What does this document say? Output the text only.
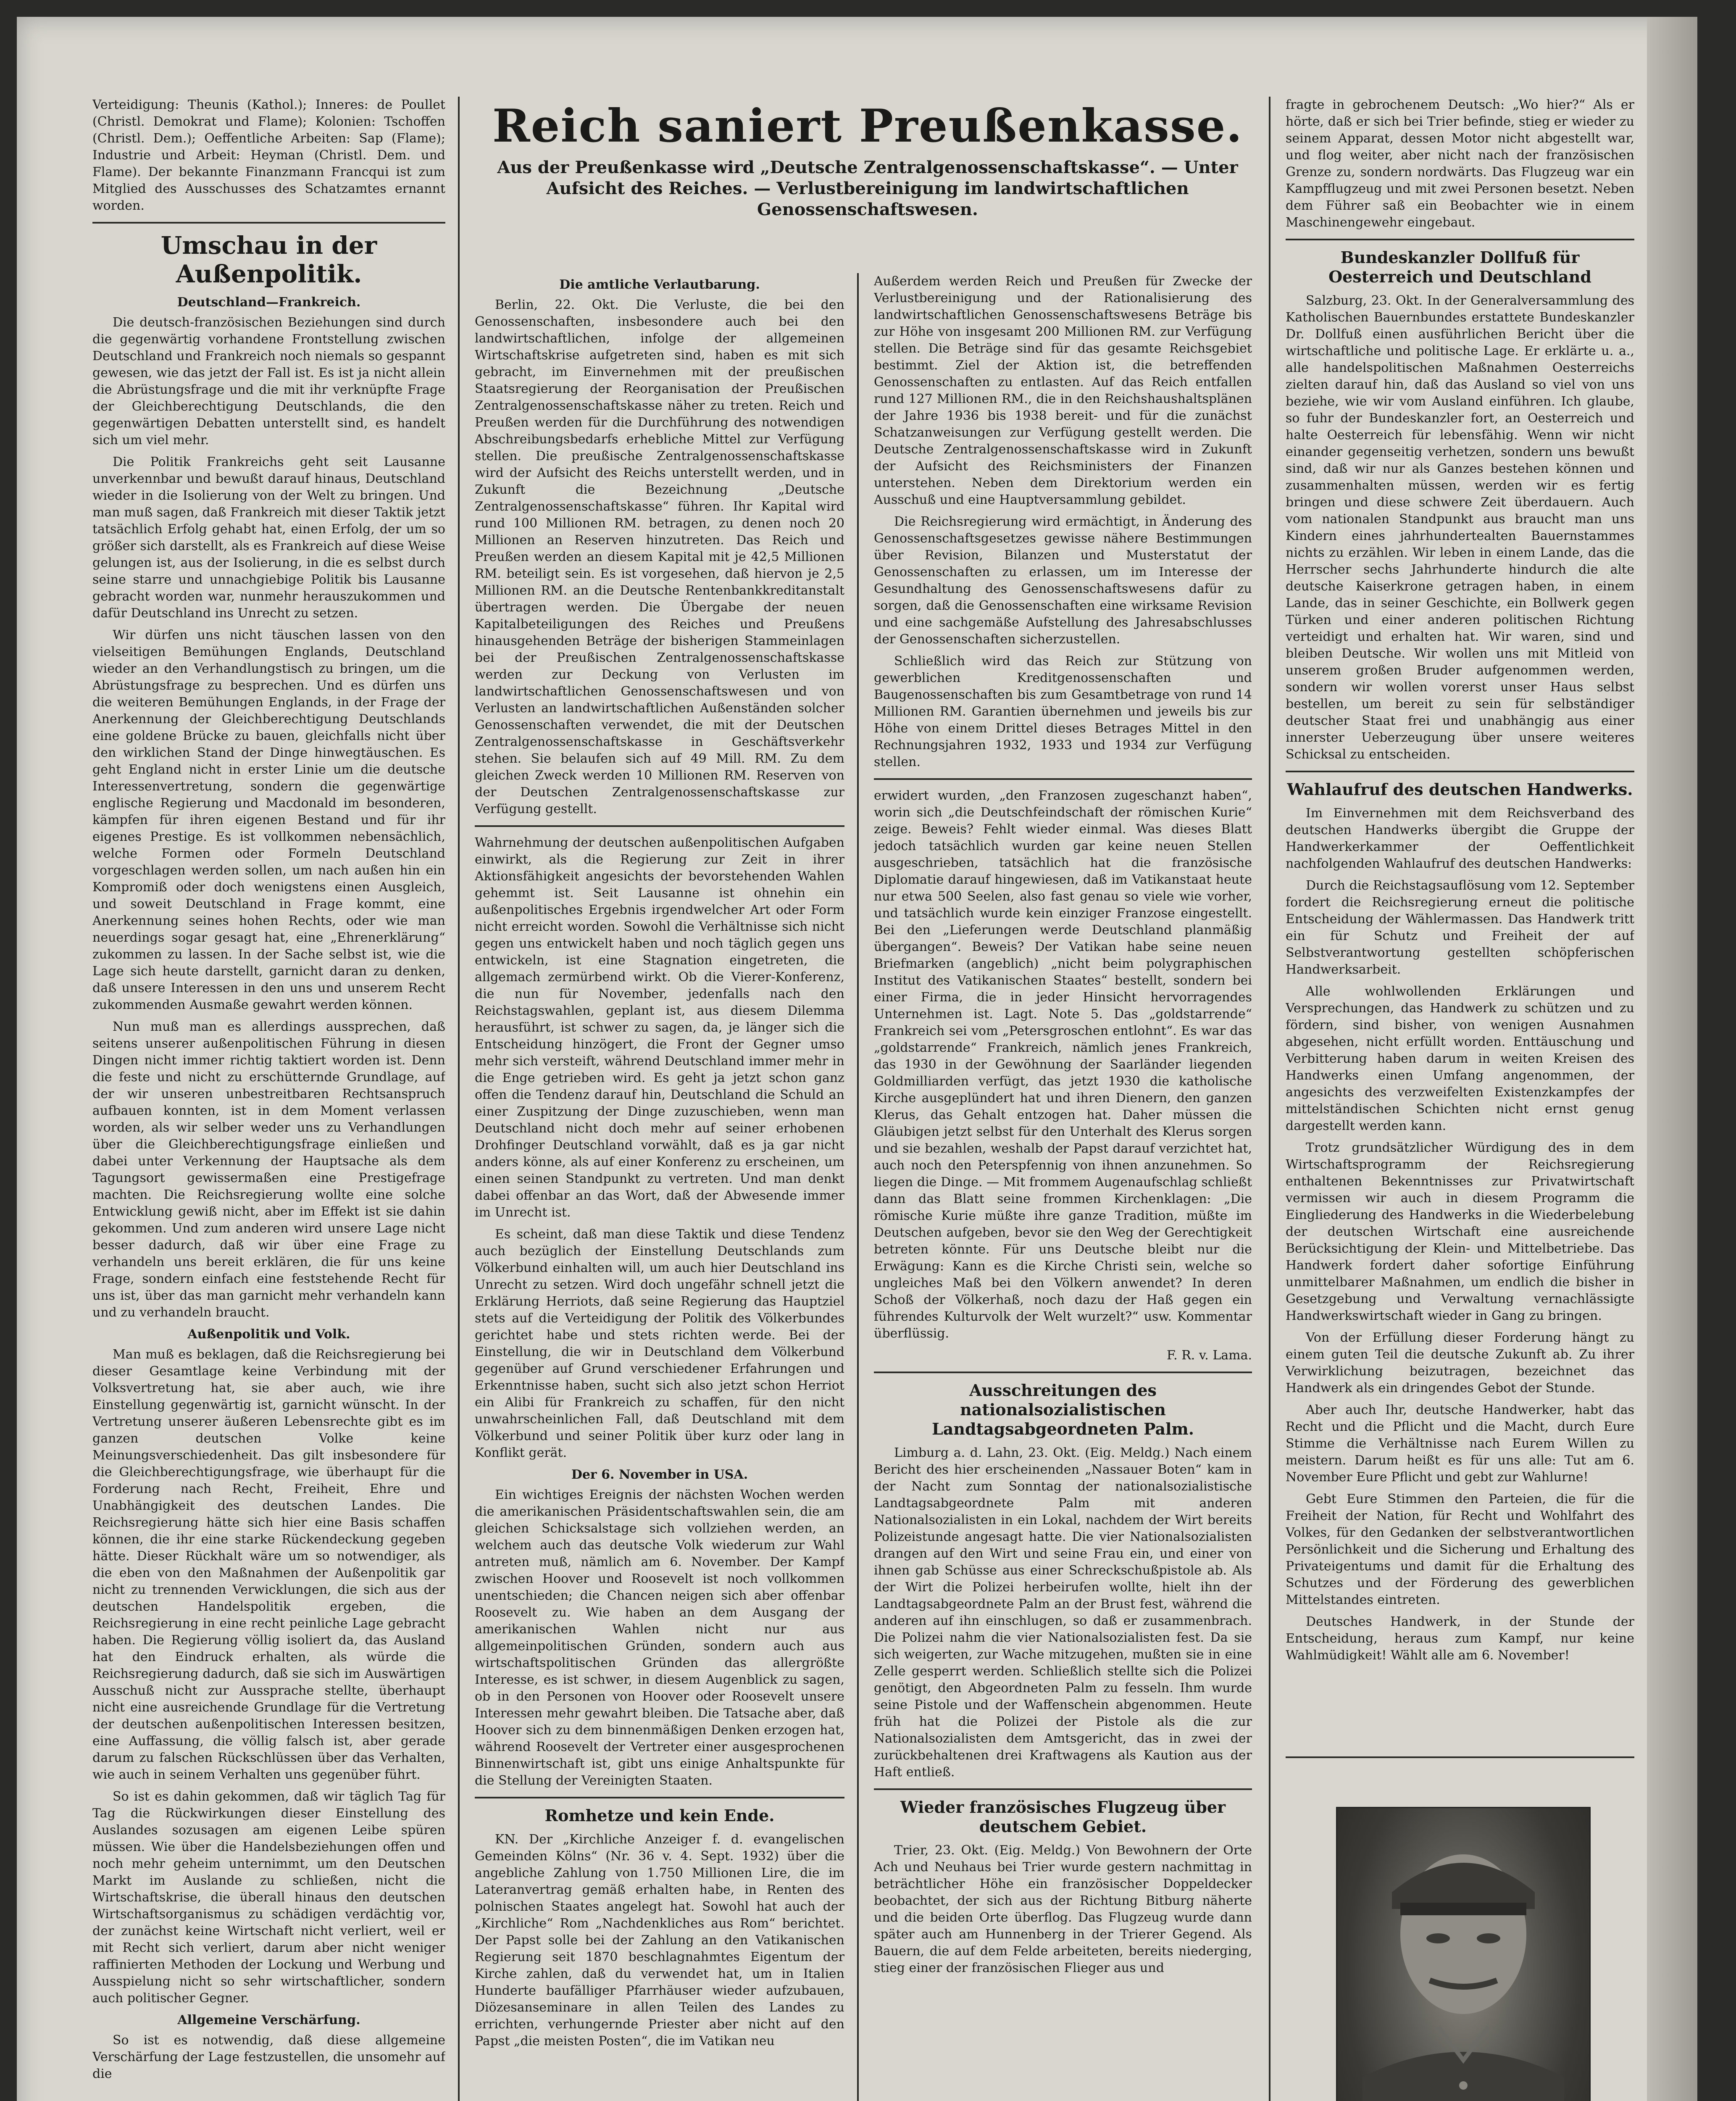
Verteidigung: Theunis (Kathol.); Inneres: de Poullet (Christl. Demokrat und Flame); Kolonien: Tschoffen (Christl. Dem.); Oeffentliche Arbeiten: Sap (Flame); Industrie und Arbeit: Heyman (Christl. Dem. und Flame). Der bekannte Finanzmann Francqui ist zum Mitglied des Ausschusses des Schatzamtes ernannt worden.

Umschau in der Außenpolitik.
Deutschland—Frankreich.

Die deutsch-französischen Beziehungen sind durch die gegenwärtig vorhandene Frontstellung zwischen Deutschland und Frankreich noch niemals so gespannt gewesen, wie das jetzt der Fall ist. Es ist ja nicht allein die Abrüstungsfrage und die mit ihr verknüpfte Frage der Gleichberechtigung Deutschlands, die den gegenwärtigen Debatten unterstellt sind, es handelt sich um viel mehr.

Die Politik Frankreichs geht seit Lausanne unverkennbar und bewußt darauf hinaus, Deutschland wieder in die Isolierung von der Welt zu bringen. Und man muß sagen, daß Frankreich mit dieser Taktik jetzt tatsächlich Erfolg gehabt hat, einen Erfolg, der um so größer sich darstellt, als es Frankreich auf diese Weise gelungen ist, aus der Isolierung, in die es selbst durch seine starre und unnachgiebige Politik bis Lausanne gebracht worden war, nunmehr herauszukommen und dafür Deutschland ins Unrecht zu setzen.

Wir dürfen uns nicht täuschen lassen von den vielseitigen Bemühungen Englands, Deutschland wieder an den Verhandlungstisch zu bringen, um die Abrüstungsfrage zu besprechen. Und es dürfen uns die weiteren Bemühungen Englands, in der Frage der Anerkennung der Gleichberechtigung Deutschlands eine goldene Brücke zu bauen, gleichfalls nicht über den wirklichen Stand der Dinge hinwegtäuschen. Es geht England nicht in erster Linie um die deutsche Interessenvertretung, sondern die gegenwärtige englische Regierung und Macdonald im besonderen, kämpfen für ihren eigenen Bestand und für ihr eigenes Prestige. Es ist vollkommen nebensächlich, welche Formen oder Formeln Deutschland vorgeschlagen werden sollen, um nach außen hin ein Kompromiß oder doch wenigstens einen Ausgleich, und soweit Deutschland in Frage kommt, eine Anerkennung seines hohen Rechts, oder wie man neuerdings sogar gesagt hat, eine „Ehrenerklärung“ zukommen zu lassen. In der Sache selbst ist, wie die Lage sich heute darstellt, garnicht daran zu denken, daß unsere Interessen in den uns und unserem Recht zukommenden Ausmaße gewahrt werden können.

Nun muß man es allerdings aussprechen, daß seitens unserer außenpolitischen Führung in diesen Dingen nicht immer richtig taktiert worden ist. Denn die feste und nicht zu erschütternde Grundlage, auf der wir unseren unbestreitbaren Rechtsanspruch aufbauen konnten, ist in dem Moment verlassen worden, als wir selber weder uns zu Verhandlungen über die Gleichberechtigungsfrage einließen und dabei unter Verkennung der Hauptsache als dem Tagungsort gewissermaßen eine Prestigefrage machten. Die Reichsregierung wollte eine solche Entwicklung gewiß nicht, aber im Effekt ist sie dahin gekommen. Und zum anderen wird unsere Lage nicht besser dadurch, daß wir über eine Frage zu verhandeln uns bereit erklären, die für uns keine Frage, sondern einfach eine feststehende Recht für uns ist, über das man garnicht mehr verhandeln kann und zu verhandeln braucht.

Außenpolitik und Volk.

Man muß es beklagen, daß die Reichsregierung bei dieser Gesamtlage keine Verbindung mit der Volksvertretung hat, sie aber auch, wie ihre Einstellung gegenwärtig ist, garnicht wünscht. In der Vertretung unserer äußeren Lebensrechte gibt es im ganzen deutschen Volke keine Meinungsverschiedenheit. Das gilt insbesondere für die Gleichberechtigungsfrage, wie überhaupt für die Forderung nach Recht, Freiheit, Ehre und Unabhängigkeit des deutschen Landes. Die Reichsregierung hätte sich hier eine Basis schaffen können, die ihr eine starke Rückendeckung gegeben hätte. Dieser Rückhalt wäre um so notwendiger, als die eben von den Maßnahmen der Außenpolitik gar nicht zu trennenden Verwicklungen, die sich aus der deutschen Handelspolitik ergeben, die Reichsregierung in eine recht peinliche Lage gebracht haben. Die Regierung völlig isoliert da, das Ausland hat den Eindruck erhalten, als würde die Reichsregierung dadurch, daß sie sich im Auswärtigen Ausschuß nicht zur Aussprache stellte, überhaupt nicht eine ausreichende Grundlage für die Vertretung der deutschen außenpolitischen Interessen besitzen, eine Auffassung, die völlig falsch ist, aber gerade darum zu falschen Rückschlüssen über das Verhalten, wie auch in seinem Verhalten uns gegenüber führt.

So ist es dahin gekommen, daß wir täglich Tag für Tag die Rückwirkungen dieser Einstellung des Auslandes sozusagen am eigenen Leibe spüren müssen. Wie über die Handelsbeziehungen offen und noch mehr geheim unternimmt, um den Deutschen Markt im Auslande zu schließen, nicht die Wirtschaftskrise, die überall hinaus den deutschen Wirtschaftsorganismus zu schädigen verdächtig vor, der zunächst keine Wirtschaft nicht verliert, weil er mit Recht sich verliert, darum aber nicht weniger raffinierten Methoden der Lockung und Werbung und Ausspielung nicht so sehr wirtschaftlicher, sondern auch politischer Gegner.

Allgemeine Verschärfung.

So ist es notwendig, daß diese allgemeine Verschärfung der Lage festzustellen, die unsomehr auf die

Reich saniert Preußenkasse.
Aus der Preußenkasse wird „Deutsche Zentralgenossenschaftskasse“. — Unter Aufsicht des Reiches. — Verlustbereinigung im landwirtschaftlichen Genossenschaftswesen.
Die amtliche Verlautbarung.

Berlin, 22. Okt. Die Verluste, die bei den Genossenschaften, insbesondere auch bei den landwirtschaftlichen, infolge der allgemeinen Wirtschaftskrise aufgetreten sind, haben es mit sich gebracht, im Einvernehmen mit der preußischen Staatsregierung der Reorganisation der Preußischen Zentralgenossenschaftskasse näher zu treten. Reich und Preußen werden für die Durchführung des notwendigen Abschreibungsbedarfs erhebliche Mittel zur Verfügung stellen. Die preußische Zentralgenossenschaftskasse wird der Aufsicht des Reichs unterstellt werden, und in Zukunft die Bezeichnung „Deutsche Zentralgenossenschaftskasse“ führen. Ihr Kapital wird rund 100 Millionen RM. betragen, zu denen noch 20 Millionen an Reserven hinzutreten. Das Reich und Preußen werden an diesem Kapital mit je 42,5 Millionen RM. beteiligt sein. Es ist vorgesehen, daß hiervon je 2,5 Millionen RM. an die Deutsche Rentenbankkreditanstalt übertragen werden. Die Übergabe der neuen Kapitalbeteiligungen des Reiches und Preußens hinausgehenden Beträge der bisherigen Stammeinlagen bei der Preußischen Zentralgenossenschaftskasse werden zur Deckung von Verlusten im landwirtschaftlichen Genossenschaftswesen und von Verlusten an landwirtschaftlichen Außenständen solcher Genossenschaften verwendet, die mit der Deutschen Zentralgenossenschaftskasse in Geschäftsverkehr stehen. Sie belaufen sich auf 49 Mill. RM. Zu dem gleichen Zweck werden 10 Millionen RM. Reserven von der Deutschen Zentralgenossenschaftskasse zur Verfügung gestellt.

Wahrnehmung der deutschen außenpolitischen Aufgaben einwirkt, als die Regierung zur Zeit in ihrer Aktionsfähigkeit angesichts der bevorstehenden Wahlen gehemmt ist. Seit Lausanne ist ohnehin ein außenpolitisches Ergebnis irgendwelcher Art oder Form nicht erreicht worden. Sowohl die Verhältnisse sich nicht gegen uns entwickelt haben und noch täglich gegen uns entwickeln, ist eine Stagnation eingetreten, die allgemach zermürbend wirkt. Ob die Vierer-Konferenz, die nun für November, jedenfalls nach den Reichstagswahlen, geplant ist, aus diesem Dilemma herausführt, ist schwer zu sagen, da, je länger sich die Entscheidung hinzögert, die Front der Gegner umso mehr sich versteift, während Deutschland immer mehr in die Enge getrieben wird. Es geht ja jetzt schon ganz offen die Tendenz darauf hin, Deutschland die Schuld an einer Zuspitzung der Dinge zuzuschieben, wenn man Deutschland nicht doch mehr auf seiner erhobenen Drohfinger Deutschland vorwählt, daß es ja gar nicht anders könne, als auf einer Konferenz zu erscheinen, um einen seinen Standpunkt zu vertreten. Und man denkt dabei offenbar an das Wort, daß der Abwesende immer im Unrecht ist.

Es scheint, daß man diese Taktik und diese Tendenz auch bezüglich der Einstellung Deutschlands zum Völkerbund einhalten will, um auch hier Deutschland ins Unrecht zu setzen. Wird doch ungefähr schnell jetzt die Erklärung Herriots, daß seine Regierung das Hauptziel stets auf die Verteidigung der Politik des Völkerbundes gerichtet habe und stets richten werde. Bei der Einstellung, die wir in Deutschland dem Völkerbund gegenüber auf Grund verschiedener Erfahrungen und Erkenntnisse haben, sucht sich also jetzt schon Herriot ein Alibi für Frankreich zu schaffen, für den nicht unwahrscheinlichen Fall, daß Deutschland mit dem Völkerbund und seiner Politik über kurz oder lang in Konflikt gerät.

Der 6. November in USA.

Ein wichtiges Ereignis der nächsten Wochen werden die amerikanischen Präsidentschaftswahlen sein, die am gleichen Schicksalstage sich vollziehen werden, an welchem auch das deutsche Volk wiederum zur Wahl antreten muß, nämlich am 6. November. Der Kampf zwischen Hoover und Roosevelt ist noch vollkommen unentschieden; die Chancen neigen sich aber offenbar Roosevelt zu. Wie haben an dem Ausgang der amerikanischen Wahlen nicht nur aus allgemeinpolitischen Gründen, sondern auch aus wirtschaftspolitischen Gründen das allergrößte Interesse, es ist schwer, in diesem Augenblick zu sagen, ob in den Personen von Hoover oder Roosevelt unsere Interessen mehr gewahrt bleiben. Die Tatsache aber, daß Hoover sich zu dem binnenmäßigen Denken erzogen hat, während Roosevelt der Vertreter einer ausgesprochenen Binnenwirtschaft ist, gibt uns einige Anhaltspunkte für die Stellung der Vereinigten Staaten.

Romhetze und kein Ende.

KN. Der „Kirchliche Anzeiger f. d. evangelischen Gemeinden Kölns“ (Nr. 36 v. 4. Sept. 1932) über die angebliche Zahlung von 1.750 Millionen Lire, die im Lateranvertrag gemäß erhalten habe, in Renten des polnischen Staates angelegt hat. Sowohl hat auch der „Kirchliche“ Rom „Nachdenkliches aus Rom“ berichtet. Der Papst solle bei der Zahlung an den Vatikanischen Regierung seit 1870 beschlagnahmtes Eigentum der Kirche zahlen, daß du verwendet hat, um in Italien Hunderte baufälliger Pfarrhäuser wieder aufzubauen, Diözesanseminare in allen Teilen des Landes zu errichten, verhungernde Priester aber nicht auf den Papst „die meisten Posten“, die im Vatikan neu

Außerdem werden Reich und Preußen für Zwecke der Verlustbereinigung und der Rationalisierung des landwirtschaftlichen Genossenschaftswesens Beträge bis zur Höhe von insgesamt 200 Millionen RM. zur Verfügung stellen. Die Beträge sind für das gesamte Reichsgebiet bestimmt. Ziel der Aktion ist, die betreffenden Genossenschaften zu entlasten. Auf das Reich entfallen rund 127 Millionen RM., die in den Reichshaushaltsplänen der Jahre 1936 bis 1938 bereit- und für die zunächst Schatzanweisungen zur Verfügung gestellt werden. Die Deutsche Zentralgenossenschaftskasse wird in Zukunft der Aufsicht des Reichsministers der Finanzen unterstehen. Neben dem Direktorium werden ein Ausschuß und eine Hauptversammlung gebildet.

Die Reichsregierung wird ermächtigt, in Änderung des Genossenschaftsgesetzes gewisse nähere Bestimmungen über Revision, Bilanzen und Musterstatut der Genossenschaften zu erlassen, um im Interesse der Gesundhaltung des Genossenschaftswesens dafür zu sorgen, daß die Genossenschaften eine wirksame Revision und eine sachgemäße Aufstellung des Jahresabschlusses der Genossenschaften sicherzustellen.

Schließlich wird das Reich zur Stützung von gewerblichen Kreditgenossenschaften und Baugenossenschaften bis zum Gesamtbetrage von rund 14 Millionen RM. Garantien übernehmen und jeweils bis zur Höhe von einem Drittel dieses Betrages Mittel in den Rechnungsjahren 1932, 1933 und 1934 zur Verfügung stellen.

erwidert wurden, „den Franzosen zugeschanzt haben“, worin sich „die Deutschfeindschaft der römischen Kurie“ zeige. Beweis? Fehlt wieder einmal. Was dieses Blatt jedoch tatsächlich wurden gar keine neuen Stellen ausgeschrieben, tatsächlich hat die französische Diplomatie darauf hingewiesen, daß im Vatikanstaat heute nur etwa 500 Seelen, also fast genau so viele wie vorher, und tatsächlich wurde kein einziger Franzose eingestellt. Bei den „Lieferungen werde Deutschland planmäßig übergangen“. Beweis? Der Vatikan habe seine neuen Briefmarken (angeblich) „nicht beim polygraphischen Institut des Vatikanischen Staates“ bestellt, sondern bei einer Firma, die in jeder Hinsicht hervorragendes Unternehmen ist. Lagt. Note 5. Das „goldstarrende“ Frankreich sei vom „Petersgroschen entlohnt“. Es war das „goldstarrende“ Frankreich, nämlich jenes Frankreich, das 1930 in der Gewöhnung der Saarländer liegenden Goldmilliarden verfügt, das jetzt 1930 die katholische Kirche ausgeplündert hat und ihren Dienern, den ganzen Klerus, das Gehalt entzogen hat. Daher müssen die Gläubigen jetzt selbst für den Unterhalt des Klerus sorgen und sie bezahlen, weshalb der Papst darauf verzichtet hat, auch noch den Peterspfennig von ihnen anzunehmen. So liegen die Dinge. — Mit frommem Augenaufschlag schließt dann das Blatt seine frommen Kirchenklagen: „Die römische Kurie müßte ihre ganze Tradition, müßte im Deutschen aufgeben, bevor sie den Weg der Gerechtigkeit betreten könnte. Für uns Deutsche bleibt nur die Erwägung: Kann es die Kirche Christi sein, welche so ungleiches Maß bei den Völkern anwendet? In deren Schoß der Völkerhaß, noch dazu der Haß gegen ein führendes Kulturvolk der Welt wurzelt?“ usw. Kommentar überflüssig.

F. R. v. Lama.

Ausschreitungen des nationalsozialistischen Landtagsabgeordneten Palm.

Limburg a. d. Lahn, 23. Okt. (Eig. Meldg.) Nach einem Bericht des hier erscheinenden „Nassauer Boten“ kam in der Nacht zum Sonntag der nationalsozialistische Landtagsabgeordnete Palm mit anderen Nationalsozialisten in ein Lokal, nachdem der Wirt bereits Polizeistunde angesagt hatte. Die vier Nationalsozialisten drangen auf den Wirt und seine Frau ein, und einer von ihnen gab Schüsse aus einer Schreckschußpistole ab. Als der Wirt die Polizei herbeirufen wollte, hielt ihn der Landtagsabgeordnete Palm an der Brust fest, während die anderen auf ihn einschlugen, so daß er zusammenbrach. Die Polizei nahm die vier Nationalsozialisten fest. Da sie sich weigerten, zur Wache mitzugehen, mußten sie in eine Zelle gesperrt werden. Schließlich stellte sich die Polizei genötigt, den Abgeordneten Palm zu fesseln. Ihm wurde seine Pistole und der Waffenschein abgenommen. Heute früh hat die Polizei der Pistole als die zur Nationalsozialisten dem Amtsgericht, das in zwei der zurückbehaltenen drei Kraftwagens als Kaution aus der Haft entließ.

Wieder französisches Flugzeug über deutschem Gebiet.

Trier, 23. Okt. (Eig. Meldg.) Von Bewohnern der Orte Ach und Neuhaus bei Trier wurde gestern nachmittag in beträchtlicher Höhe ein französischer Doppeldecker beobachtet, der sich aus der Richtung Bitburg näherte und die beiden Orte überflog. Das Flugzeug wurde dann später auch am Hunnenberg in der Trierer Gegend. Als Bauern, die auf dem Felde arbeiteten, bereits niederging, stieg einer der französischen Flieger aus und

fragte in gebrochenem Deutsch: „Wo hier?“ Als er hörte, daß er sich bei Trier befinde, stieg er wieder zu seinem Apparat, dessen Motor nicht abgestellt war, und flog weiter, aber nicht nach der französischen Grenze zu, sondern nordwärts. Das Flugzeug war ein Kampfflugzeug und mit zwei Personen besetzt. Neben dem Führer saß ein Beobachter wie in einem Maschinengewehr eingebaut.

Bundeskanzler Dollfuß für Oesterreich und Deutschland

Salzburg, 23. Okt. In der Generalversammlung des Katholischen Bauernbundes erstattete Bundeskanzler Dr. Dollfuß einen ausführlichen Bericht über die wirtschaftliche und politische Lage. Er erklärte u. a., alle handelspolitischen Maßnahmen Oesterreichs zielten darauf hin, daß das Ausland so viel von uns beziehe, wie wir vom Ausland einführen. Ich glaube, so fuhr der Bundeskanzler fort, an Oesterreich und halte Oesterreich für lebensfähig. Wenn wir nicht einander gegenseitig verhetzen, sondern uns bewußt sind, daß wir nur als Ganzes bestehen können und zusammenhalten müssen, werden wir es fertig bringen und diese schwere Zeit überdauern. Auch vom nationalen Standpunkt aus braucht man uns Kindern eines jahrhundertealten Bauernstammes nichts zu erzählen. Wir leben in einem Lande, das die Herrscher sechs Jahrhunderte hindurch die alte deutsche Kaiserkrone getragen haben, in einem Lande, das in seiner Geschichte, ein Bollwerk gegen Türken und einer anderen politischen Richtung verteidigt und erhalten hat. Wir waren, sind und bleiben Deutsche. Wir wollen uns mit Mitleid von unserem großen Bruder aufgenommen werden, sondern wir wollen vorerst unser Haus selbst bestellen, um bereit zu sein für selbständiger deutscher Staat frei und unabhängig aus einer innerster Ueberzeugung über unsere weiteres Schicksal zu entscheiden.

Wahlaufruf des deutschen Handwerks.

Im Einvernehmen mit dem Reichsverband des deutschen Handwerks übergibt die Gruppe der Handwerkerkammer der Oeffentlichkeit nachfolgenden Wahlaufruf des deutschen Handwerks:

Durch die Reichstagsauflösung vom 12. September fordert die Reichsregierung erneut die politische Entscheidung der Wählermassen. Das Handwerk tritt ein für Schutz und Freiheit der auf Selbstverantwortung gestellten schöpferischen Handwerksarbeit.

Alle wohlwollenden Erklärungen und Versprechungen, das Handwerk zu schützen und zu fördern, sind bisher, von wenigen Ausnahmen abgesehen, nicht erfüllt worden. Enttäuschung und Verbitterung haben darum in weiten Kreisen des Handwerks einen Umfang angenommen, der angesichts des verzweifelten Existenzkampfes der mittelständischen Schichten nicht ernst genug dargestellt werden kann.

Trotz grundsätzlicher Würdigung des in dem Wirtschaftsprogramm der Reichsregierung enthaltenen Bekenntnisses zur Privatwirtschaft vermissen wir auch in diesem Programm die Eingliederung des Handwerks in die Wiederbelebung der deutschen Wirtschaft eine ausreichende Berücksichtigung der Klein- und Mittelbetriebe. Das Handwerk fordert daher sofortige Einführung unmittelbarer Maßnahmen, um endlich die bisher in Gesetzgebung und Verwaltung vernachlässigte Handwerkswirtschaft wieder in Gang zu bringen.

Von der Erfüllung dieser Forderung hängt zu einem guten Teil die deutsche Zukunft ab. Zu ihrer Verwirklichung beizutragen, bezeichnet das Handwerk als ein dringendes Gebot der Stunde.

Aber auch Ihr, deutsche Handwerker, habt das Recht und die Pflicht und die Macht, durch Eure Stimme die Verhältnisse nach Eurem Willen zu meistern. Darum heißt es für uns alle: Tut am 6. November Eure Pflicht und gebt zur Wahlurne!

Gebt Eure Stimmen den Parteien, die für die Freiheit der Nation, für Recht und Wohlfahrt des Volkes, für den Gedanken der selbstverantwortlichen Persönlichkeit und die Sicherung und Erhaltung des Privateigentums und damit für die Erhaltung des Schutzes und der Förderung des gewerblichen Mittelstandes eintreten.

Deutsches Handwerk, in der Stunde der Entscheidung, heraus zum Kampf, nur keine Wahlmüdigkeit! Wählt alle am 6. November!
